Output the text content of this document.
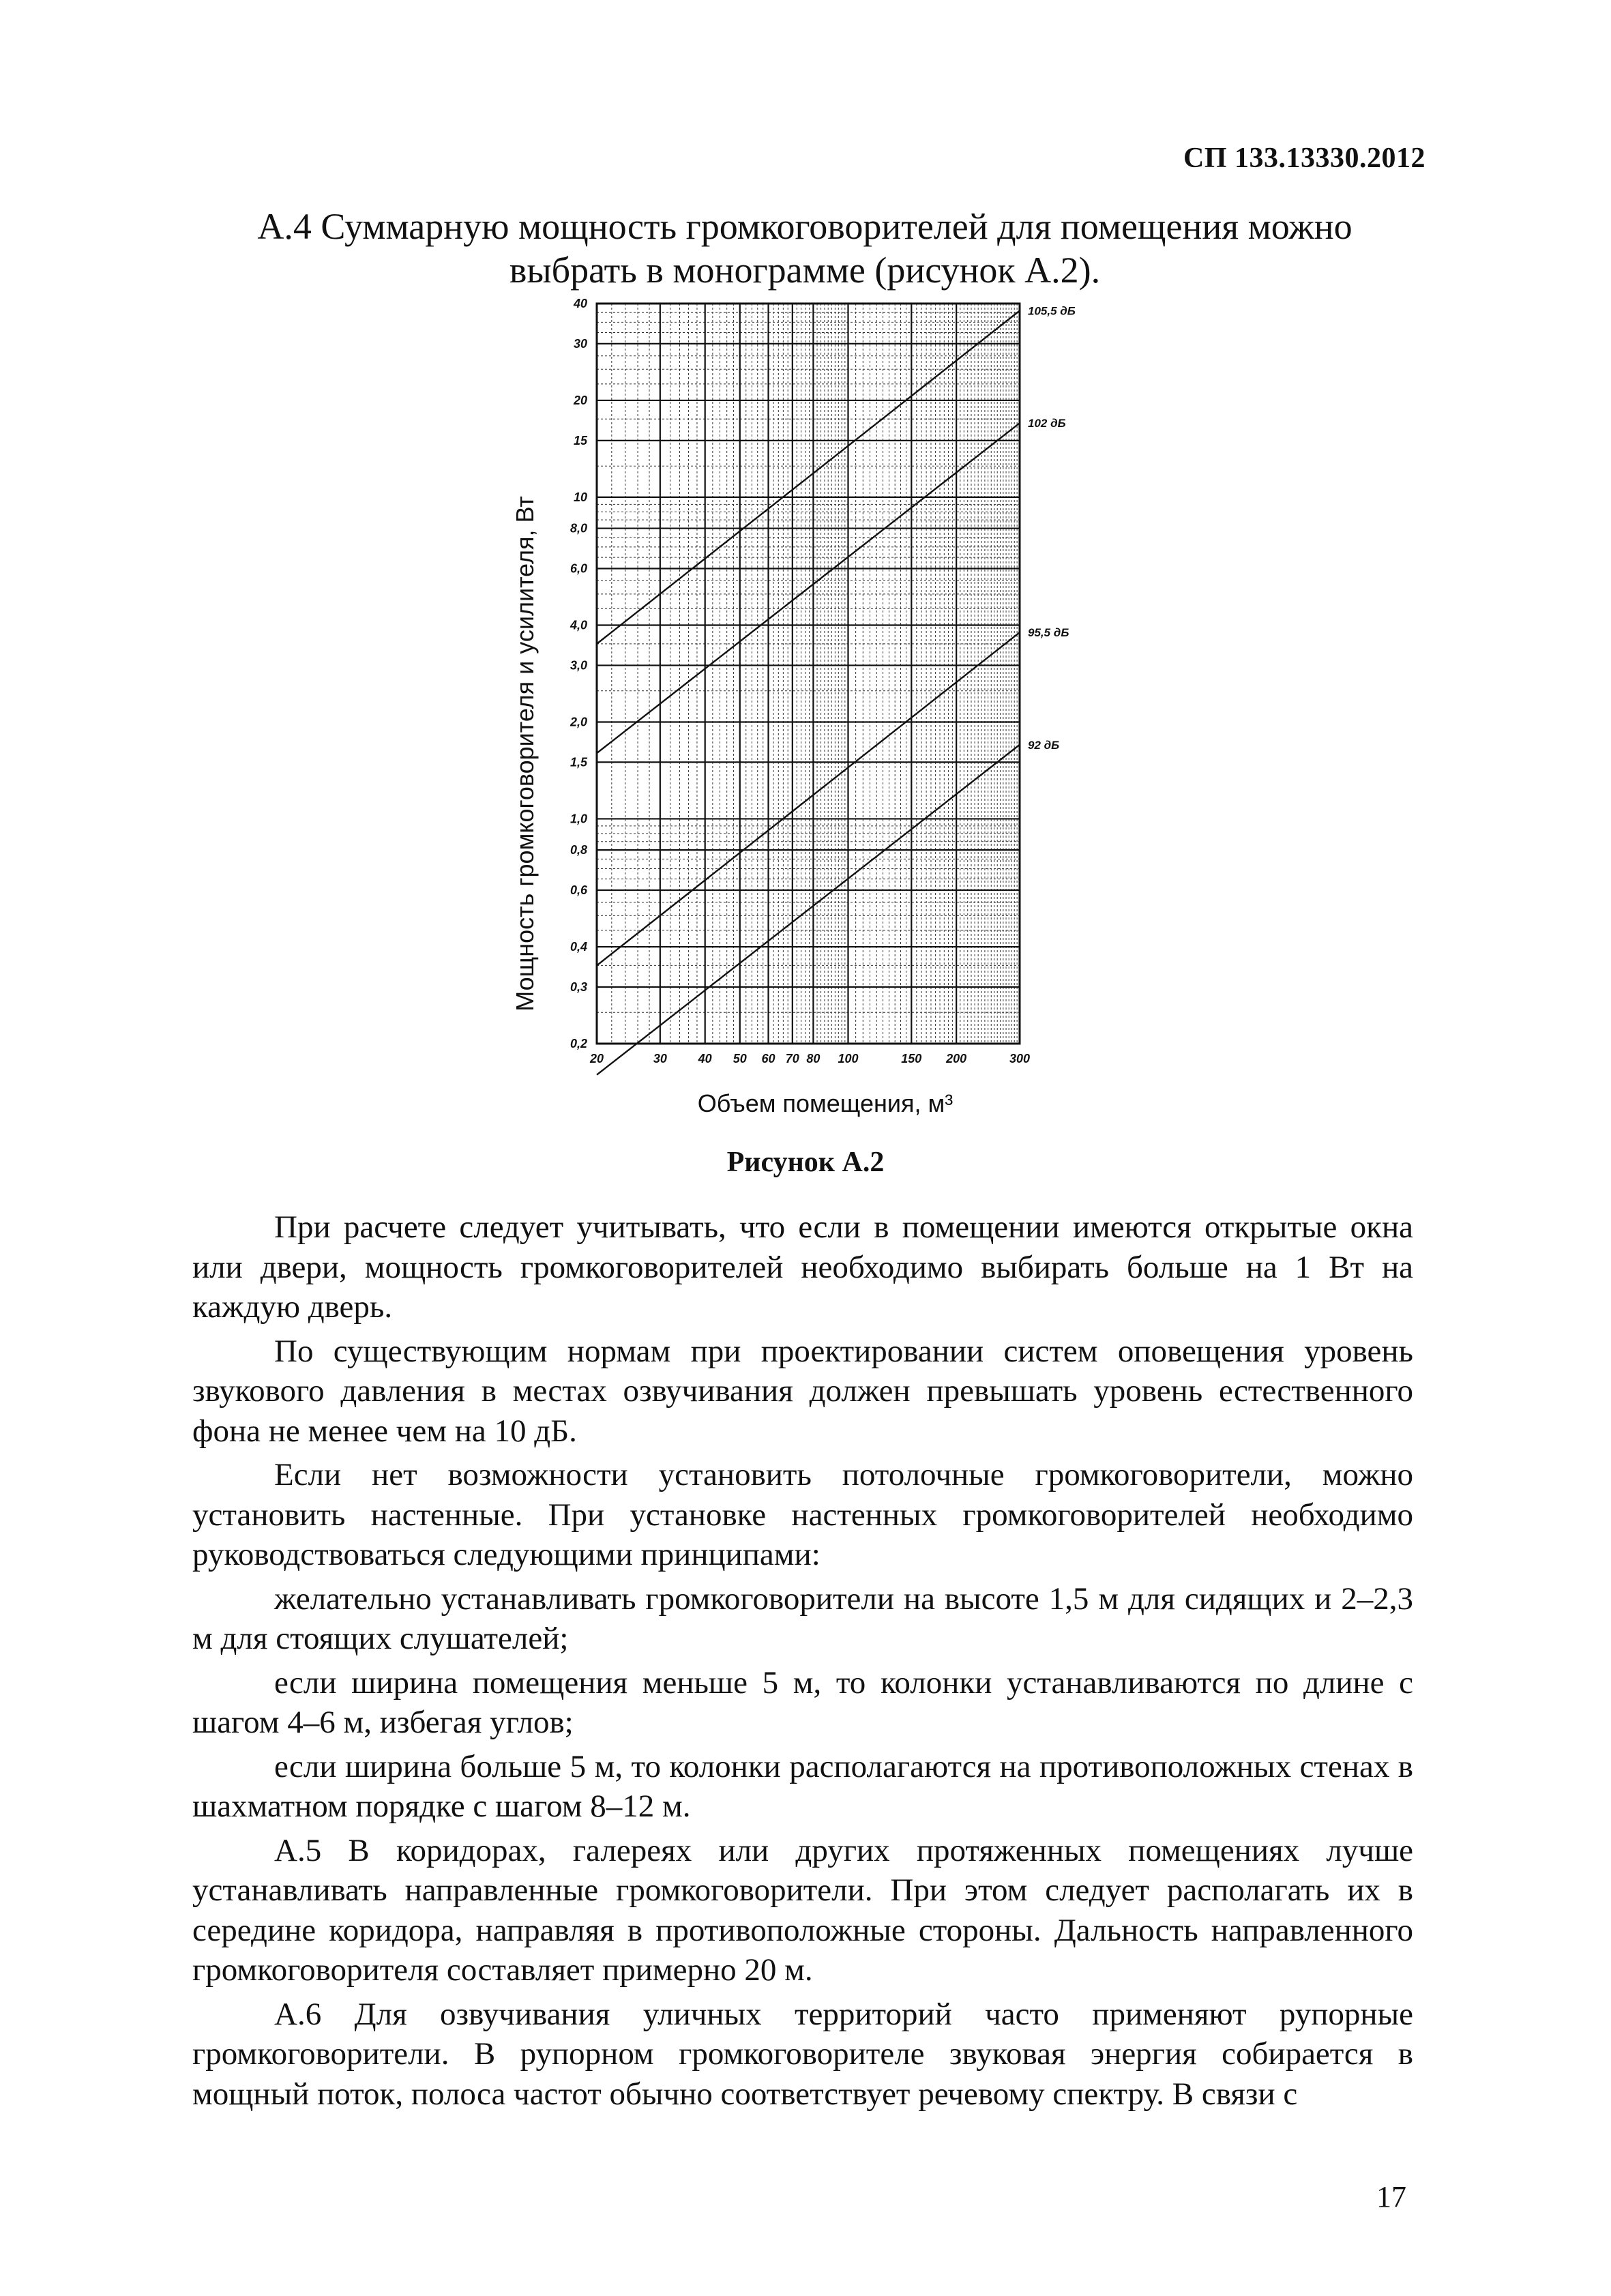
СП 133.13330.2012
А.4 Суммарную мощность громкоговорителей для помещения можно выбрать в монограмме (рисунок А.2).
20	30	40 50 60 70 80 100	150 200	300
40
30
20
15
10
8,0
6,0
4,0
3,0
2,0
1,5
1,0
0,8
0,6
0,4
0,3
0,2
105,5 дБ
102 дБ
95,5 дБ
92 дБ
Мощность громкоговорителя и усилителя, Вт
Объем помещения, м³
Рисунок А.2

При расчете следует учитывать, что если в помещении имеются открытые окна или двери, мощность громкоговорителей необходимо выбирать больше на 1 Вт на каждую дверь.

По существующим нормам при проектировании систем оповещения уровень звукового давления в местах озвучивания должен превышать уровень естественного фона не менее чем на 10 дБ.

Если нет возможности установить потолочные громкоговорители, можно установить настенные. При установке настенных громкоговорителей необходимо руководствоваться следующими принципами:

желательно устанавливать громкоговорители на высоте 1,5 м для сидящих и 2–2,3 м для стоящих слушателей;

если ширина помещения меньше 5 м, то колонки устанавливаются по длине с шагом 4–6 м, избегая углов;

если ширина больше 5 м, то колонки располагаются на противоположных стенах в шахматном порядке с шагом 8–12 м.

А.5 В коридорах, галереях или других протяженных помещениях лучше устанавливать направленные громкоговорители. При этом следует располагать их в середине коридора, направляя в противоположные стороны. Дальность направленного громкоговорителя составляет примерно 20 м.

А.6 Для озвучивания уличных территорий часто применяют рупорные громкоговорители. В рупорном громкоговорителе звуковая энергия собирается в мощный поток, полоса частот обычно соответствует речевому спектру. В связи с

17
